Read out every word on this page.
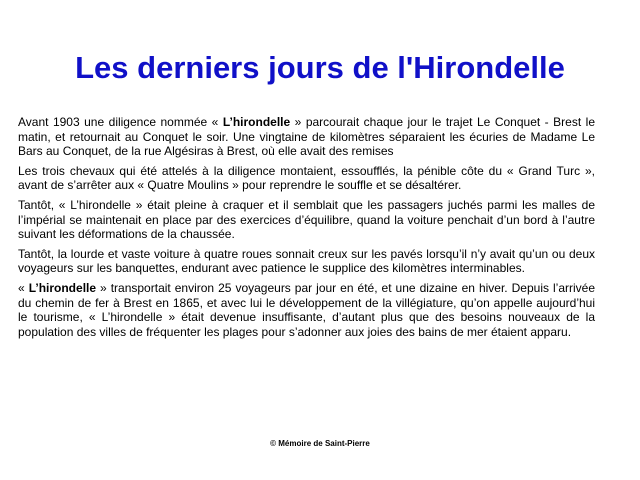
Les derniers jours de l'Hirondelle

Avant 1903 une diligence nommée « L’hirondelle » parcourait chaque jour le trajet Le Conquet - Brest le matin, et retournait au Conquet le soir. Une vingtaine de kilomètres séparaient les écuries de Madame Le Bars au Conquet, de la rue Algésiras à Brest, où elle avait des remises

Les trois chevaux qui été attelés à la diligence montaient, essoufflés, la pénible côte du « Grand Turc », avant de s’arrêter aux « Quatre Moulins » pour reprendre le souffle et se désaltérer.

Tantôt, « L’hirondelle » était pleine à craquer et il semblait que les passagers juchés parmi les malles de l’impérial se maintenait en place par des exercices d’équilibre, quand la voiture penchait d’un bord à l’autre suivant les déformations de la chaussée.

Tantôt, la lourde et vaste voiture à quatre roues sonnait creux sur les pavés lorsqu’il n’y avait qu’un ou deux voyageurs sur les banquettes, endurant avec patience le supplice des kilomètres interminables.

« L’hirondelle » transportait environ 25 voyageurs par jour en été, et une dizaine en hiver. Depuis l’arrivée du chemin de fer à Brest en 1865, et avec lui le développement de la villégiature, qu’on appelle aujourd’hui le tourisme, « L’hirondelle » était devenue insuffisante, d’autant plus que des besoins nouveaux de la population des villes de fréquenter les plages pour s’adonner aux joies des bains de mer étaient apparu.

© Mémoire de Saint-Pierre
